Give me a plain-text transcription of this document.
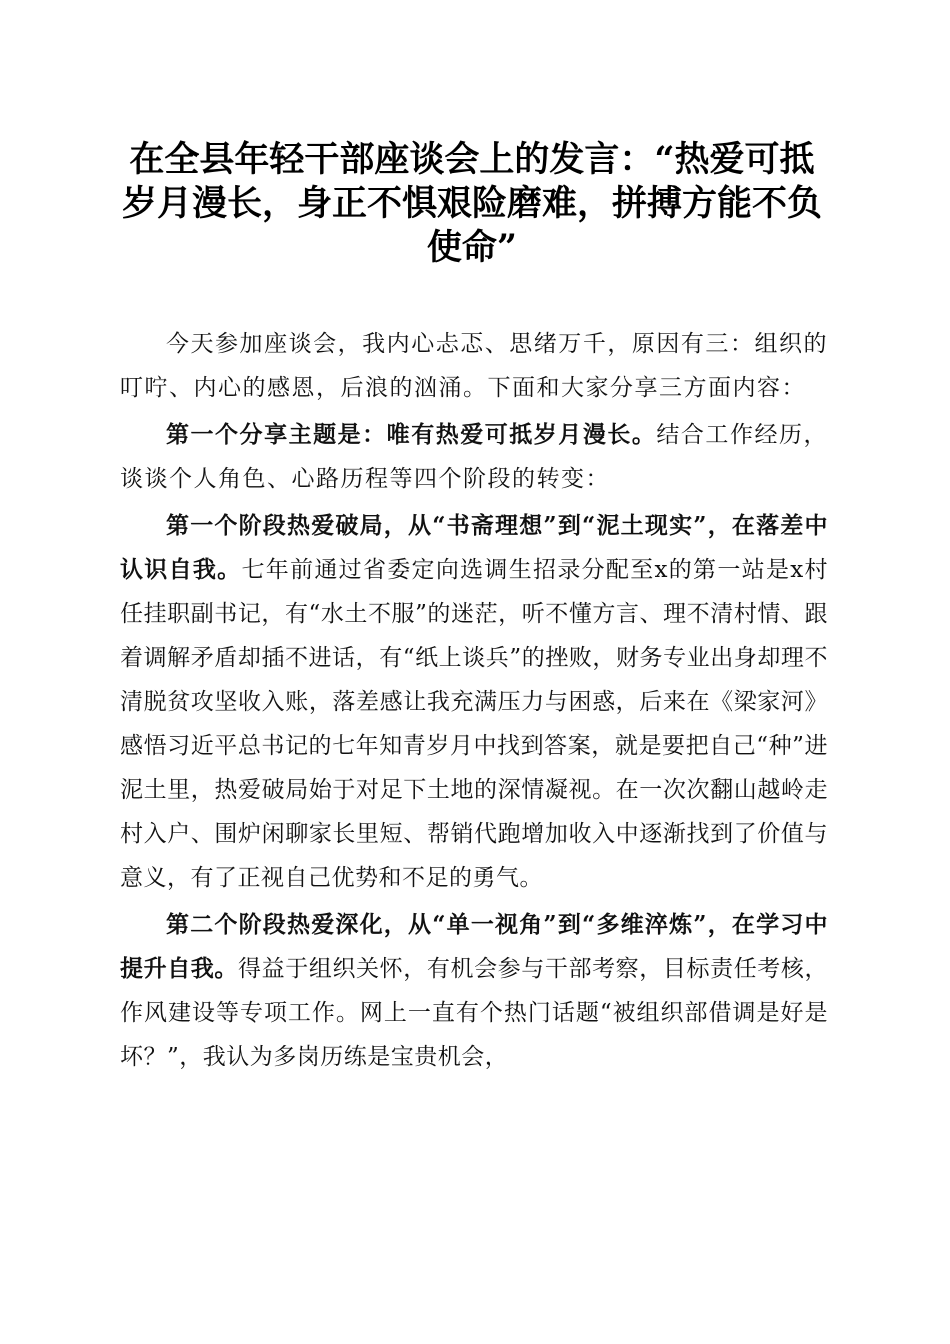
在全县年轻干部座谈会上的发言：“热爱可抵
岁月漫长，身正不惧艰险磨难，拼搏方能不负
使命”

今天参加座谈会，我内心忐忑、思绪万千，原因有三：组织的叮咛、内心的感恩，后浪的汹涌。下面和大家分享三方面内容：

第一个分享主题是：唯有热爱可抵岁月漫长。结合工作经历，谈谈个人角色、心路历程等四个阶段的转变：

第一个阶段热爱破局，从“书斋理想”到“泥土现实”，在落差中认识自我。七年前通过省委定向选调生招录分配至x的第一站是x村任挂职副书记，有“水土不服”的迷茫，听不懂方言、理不清村情、跟着调解矛盾却插不进话，有“纸上谈兵”的挫败，财务专业出身却理不清脱贫攻坚收入账，落差感让我充满压力与困惑，后来在《梁家河》感悟习近平总书记的七年知青岁月中找到答案，就是要把自己“种”进泥土里，热爱破局始于对足下土地的深情凝视。在一次次翻山越岭走村入户、围炉闲聊家长里短、帮销代跑增加收入中逐渐找到了价值与意义，有了正视自己优势和不足的勇气。

第二个阶段热爱深化，从“单一视角”到“多维淬炼”，在学习中提升自我。得益于组织关怀，有机会参与干部考察，目标责任考核，作风建设等专项工作。网上一直有个热门话题“被组织部借调是好是坏？”，我认为多岗历练是宝贵机会，
